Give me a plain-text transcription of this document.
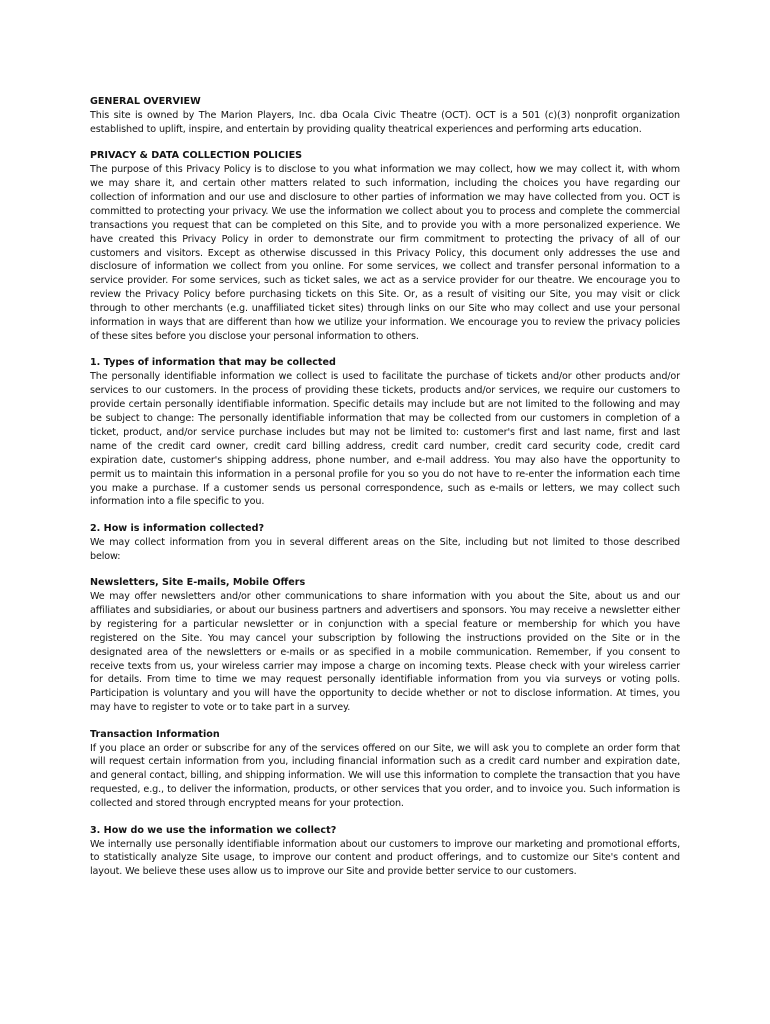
GENERAL OVERVIEW
This site is owned by The Marion Players, Inc. dba Ocala Civic Theatre (OCT). OCT is a 501 (c)(3) nonprofit organization established to uplift, inspire, and entertain by providing quality theatrical experiences and performing arts education.
PRIVACY & DATA COLLECTION POLICIES
The purpose of this Privacy Policy is to disclose to you what information we may collect, how we may collect it, with whom we may share it, and certain other matters related to such information, including the choices you have regarding our collection of information and our use and disclosure to other parties of information we may have collected from you. OCT is committed to protecting your privacy. We use the information we collect about you to process and complete the commercial transactions you request that can be completed on this Site, and to provide you with a more personalized experience. We have created this Privacy Policy in order to demonstrate our firm commitment to protecting the privacy of all of our customers and visitors. Except as otherwise discussed in this Privacy Policy, this document only addresses the use and disclosure of information we collect from you online. For some services, we collect and transfer personal information to a service provider. For some services, such as ticket sales, we act as a service provider for our theatre. We encourage you to review the Privacy Policy before purchasing tickets on this Site. Or, as a result of visiting our Site, you may visit or click through to other merchants (e.g. unaffiliated ticket sites) through links on our Site who may collect and use your personal information in ways that are different than how we utilize your information. We encourage you to review the privacy policies of these sites before you disclose your personal information to others.
1. Types of information that may be collected
The personally identifiable information we collect is used to facilitate the purchase of tickets and/or other products and/or services to our customers. In the process of providing these tickets, products and/or services, we require our customers to provide certain personally identifiable information. Specific details may include but are not limited to the following and may be subject to change: The personally identifiable information that may be collected from our customers in completion of a ticket, product, and/or service purchase includes but may not be limited to: customer's first and last name, first and last name of the credit card owner, credit card billing address, credit card number, credit card security code, credit card expiration date, customer's shipping address, phone number, and e-mail address. You may also have the opportunity to permit us to maintain this information in a personal profile for you so you do not have to re-enter the information each time you make a purchase. If a customer sends us personal correspondence, such as e-mails or letters, we may collect such information into a file specific to you.
2. How is information collected?
We may collect information from you in several different areas on the Site, including but not limited to those described below:
Newsletters, Site E-mails, Mobile Offers
We may offer newsletters and/or other communications to share information with you about the Site, about us and our affiliates and subsidiaries, or about our business partners and advertisers and sponsors. You may receive a newsletter either by registering for a particular newsletter or in conjunction with a special feature or membership for which you have registered on the Site. You may cancel your subscription by following the instructions provided on the Site or in the designated area of the newsletters or e-mails or as specified in a mobile communication. Remember, if you consent to receive texts from us, your wireless carrier may impose a charge on incoming texts. Please check with your wireless carrier for details. From time to time we may request personally identifiable information from you via surveys or voting polls. Participation is voluntary and you will have the opportunity to decide whether or not to disclose information. At times, you may have to register to vote or to take part in a survey.
Transaction Information
If you place an order or subscribe for any of the services offered on our Site, we will ask you to complete an order form that will request certain information from you, including financial information such as a credit card number and expiration date, and general contact, billing, and shipping information. We will use this information to complete the transaction that you have requested, e.g., to deliver the information, products, or other services that you order, and to invoice you. Such information is collected and stored through encrypted means for your protection.
3. How do we use the information we collect?
We internally use personally identifiable information about our customers to improve our marketing and promotional efforts, to statistically analyze Site usage, to improve our content and product offerings, and to customize our Site's content and layout. We believe these uses allow us to improve our Site and provide better service to our customers.
